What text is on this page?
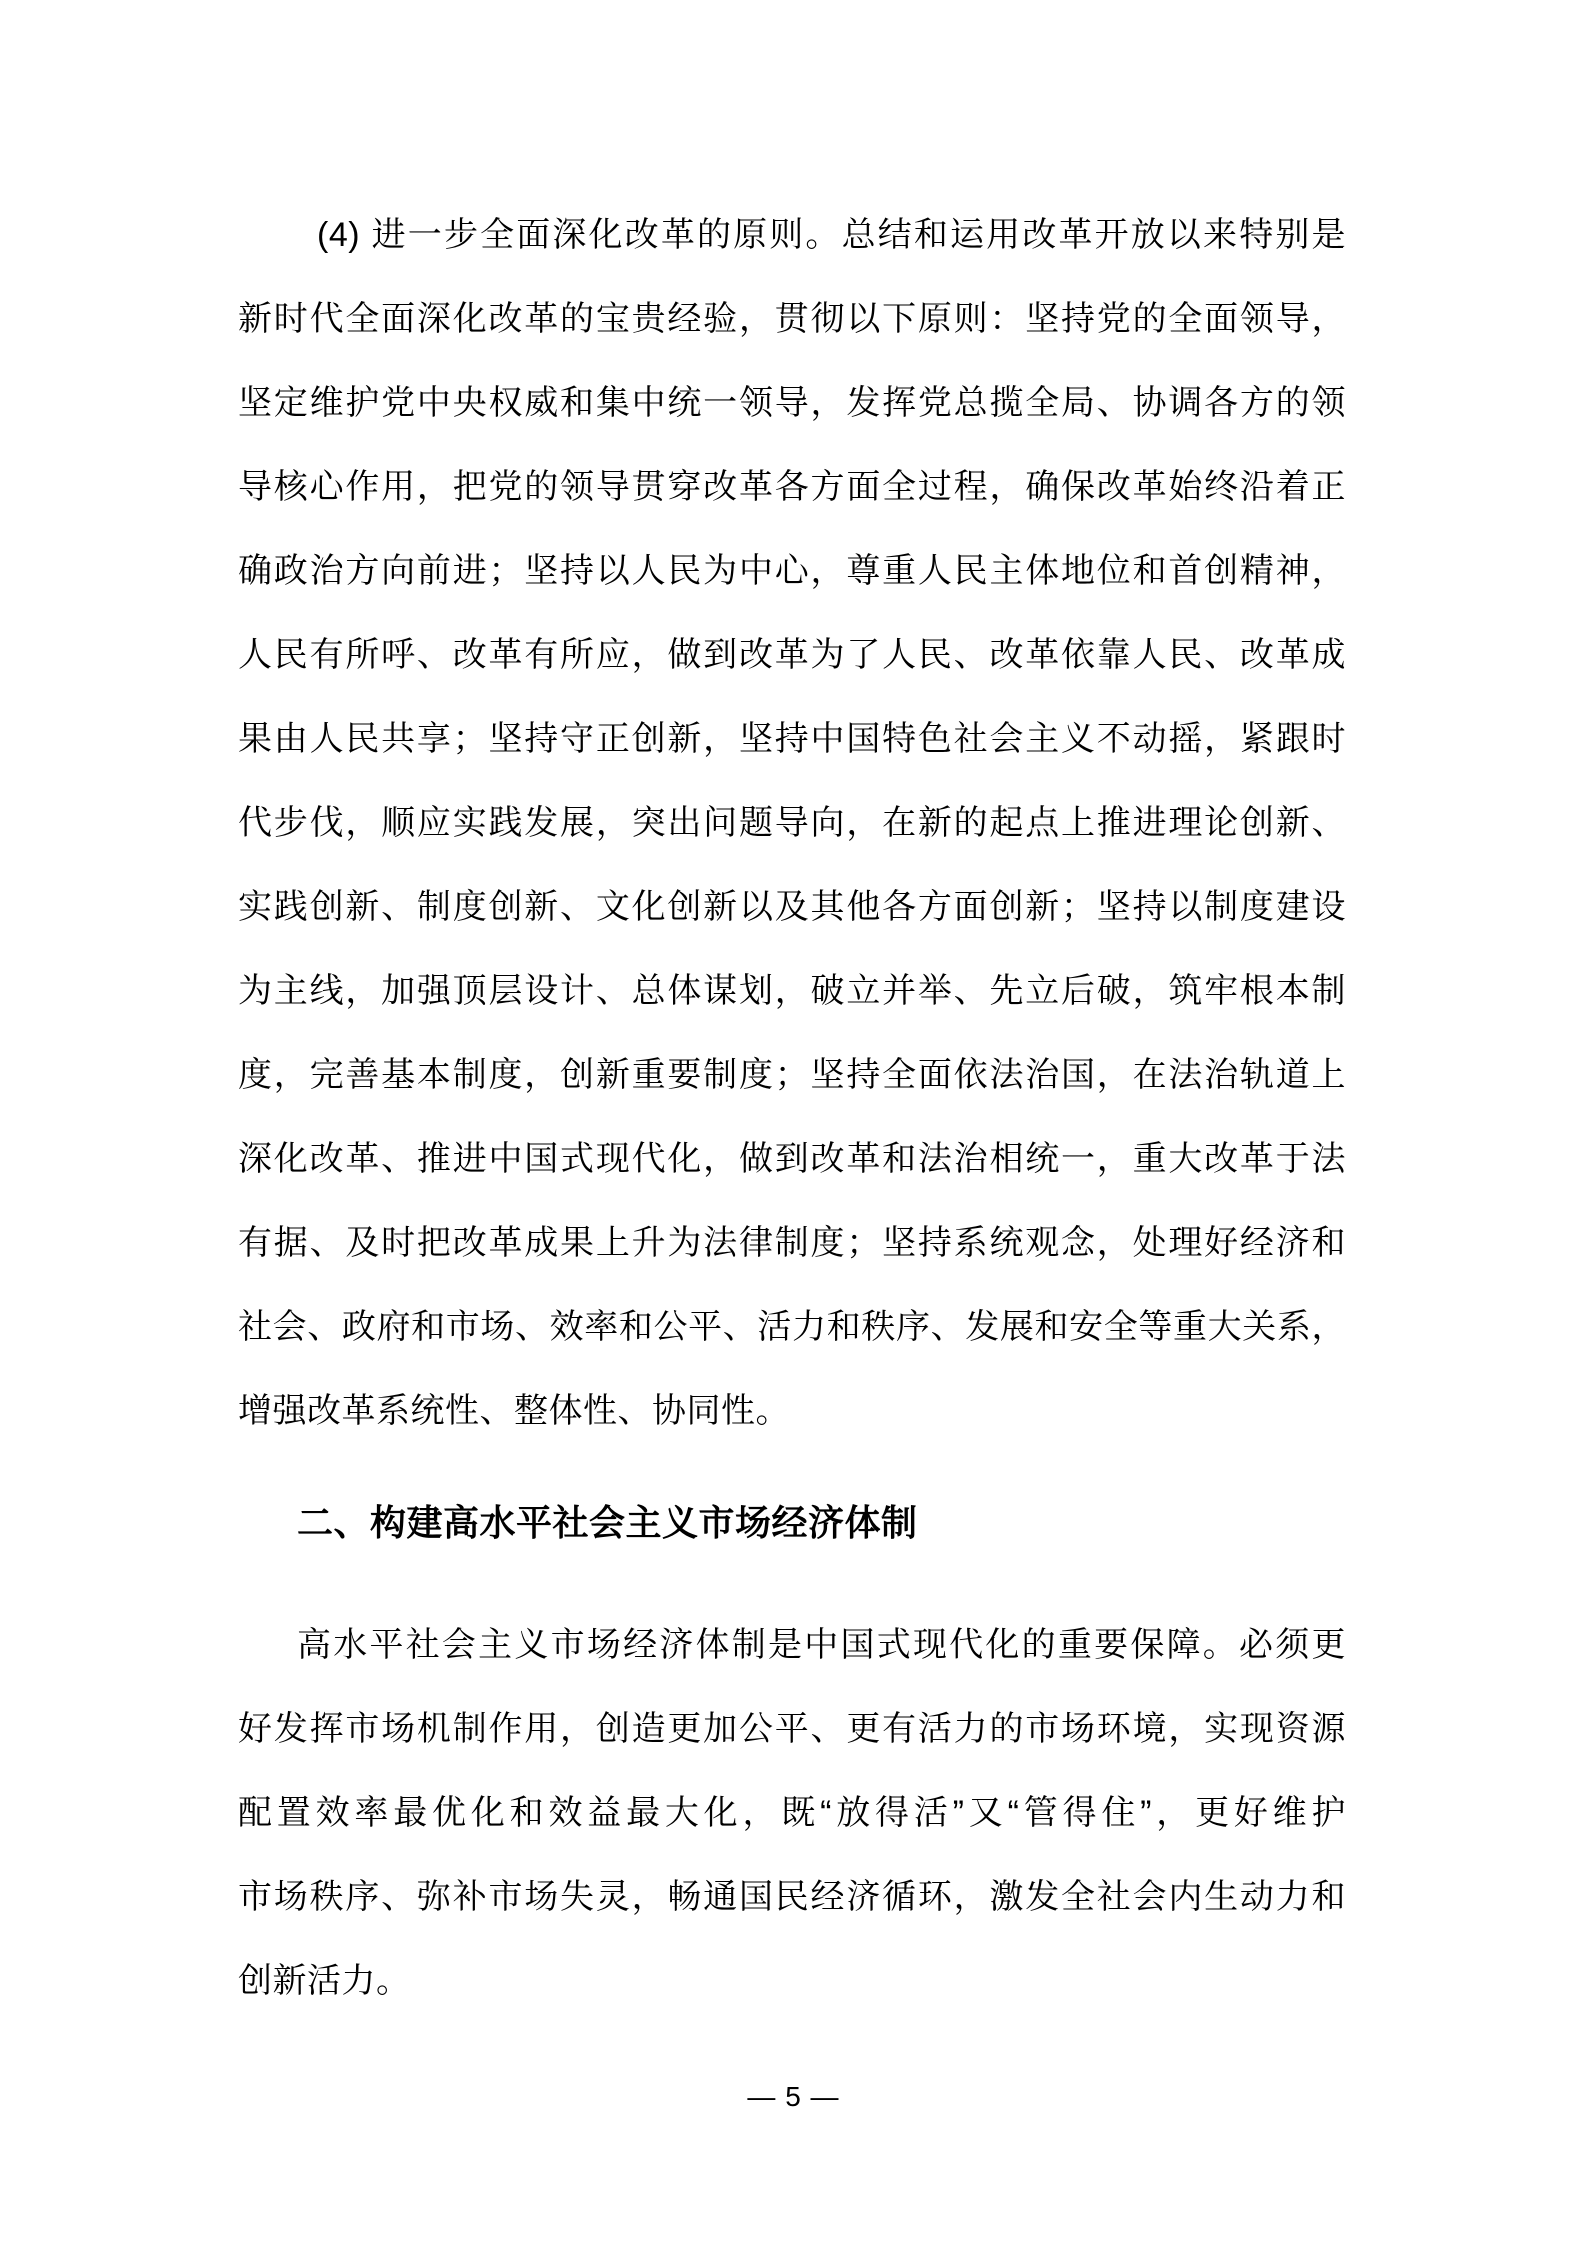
(4) 进一步全面深化改革的原则。总结和运用改革开放以来特别是
新时代全面深化改革的宝贵经验，贯彻以下原则：坚持党的全面领导，
坚定维护党中央权威和集中统一领导，发挥党总揽全局、协调各方的领
导核心作用，把党的领导贯穿改革各方面全过程，确保改革始终沿着正
确政治方向前进；坚持以人民为中心，尊重人民主体地位和首创精神，
人民有所呼、改革有所应，做到改革为了人民、改革依靠人民、改革成
果由人民共享；坚持守正创新，坚持中国特色社会主义不动摇，紧跟时
代步伐，顺应实践发展，突出问题导向，在新的起点上推进理论创新、
实践创新、制度创新、文化创新以及其他各方面创新；坚持以制度建设
为主线，加强顶层设计、总体谋划，破立并举、先立后破，筑牢根本制
度，完善基本制度，创新重要制度；坚持全面依法治国，在法治轨道上
深化改革、推进中国式现代化，做到改革和法治相统一，重大改革于法
有据、及时把改革成果上升为法律制度；坚持系统观念，处理好经济和
社会、政府和市场、效率和公平、活力和秩序、发展和安全等重大关系，
增强改革系统性、整体性、协同性。
二、构建高水平社会主义市场经济体制
高水平社会主义市场经济体制是中国式现代化的重要保障。必须更
好发挥市场机制作用，创造更加公平、更有活力的市场环境，实现资源
配置效率最优化和效益最大化，既“放得活”又“管得住”，更好维护
市场秩序、弥补市场失灵，畅通国民经济循环，激发全社会内生动力和
创新活力。
— 5 —
